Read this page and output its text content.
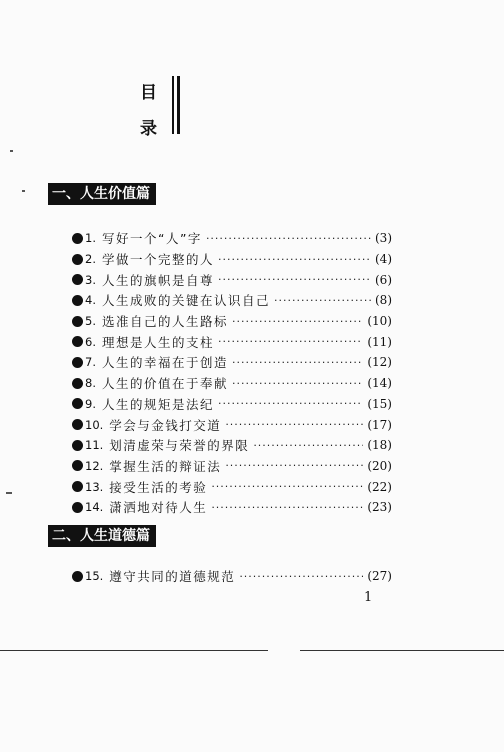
目
录
一、人生价值篇
1. 写好一个“人”字 ·····	(3)
2. 学做一个完整的人 ·····	(4)
3. 人生的旗帜是自尊 ·····	(6)
4. 人生成败的关键在认识自己 ·····	(8)
5. 选准自己的人生路标 ·····	(10)
6. 理想是人生的支柱 ·····	(11)
7. 人生的幸福在于创造 ·····	(12)
8. 人生的价值在于奉献 ·····	(14)
9. 人生的规矩是法纪 ·····	(15)
10. 学会与金钱打交道 ·····	(17)
11. 划清虚荣与荣誉的界限 ·····	(18)
12. 掌握生活的辩证法 ·····	(20)
13. 接受生活的考验 ·····	(22)
14. 潇洒地对待人生 ·····	(23)
二、人生道德篇
15. 遵守共同的道德规范 ·····	(27)
1
